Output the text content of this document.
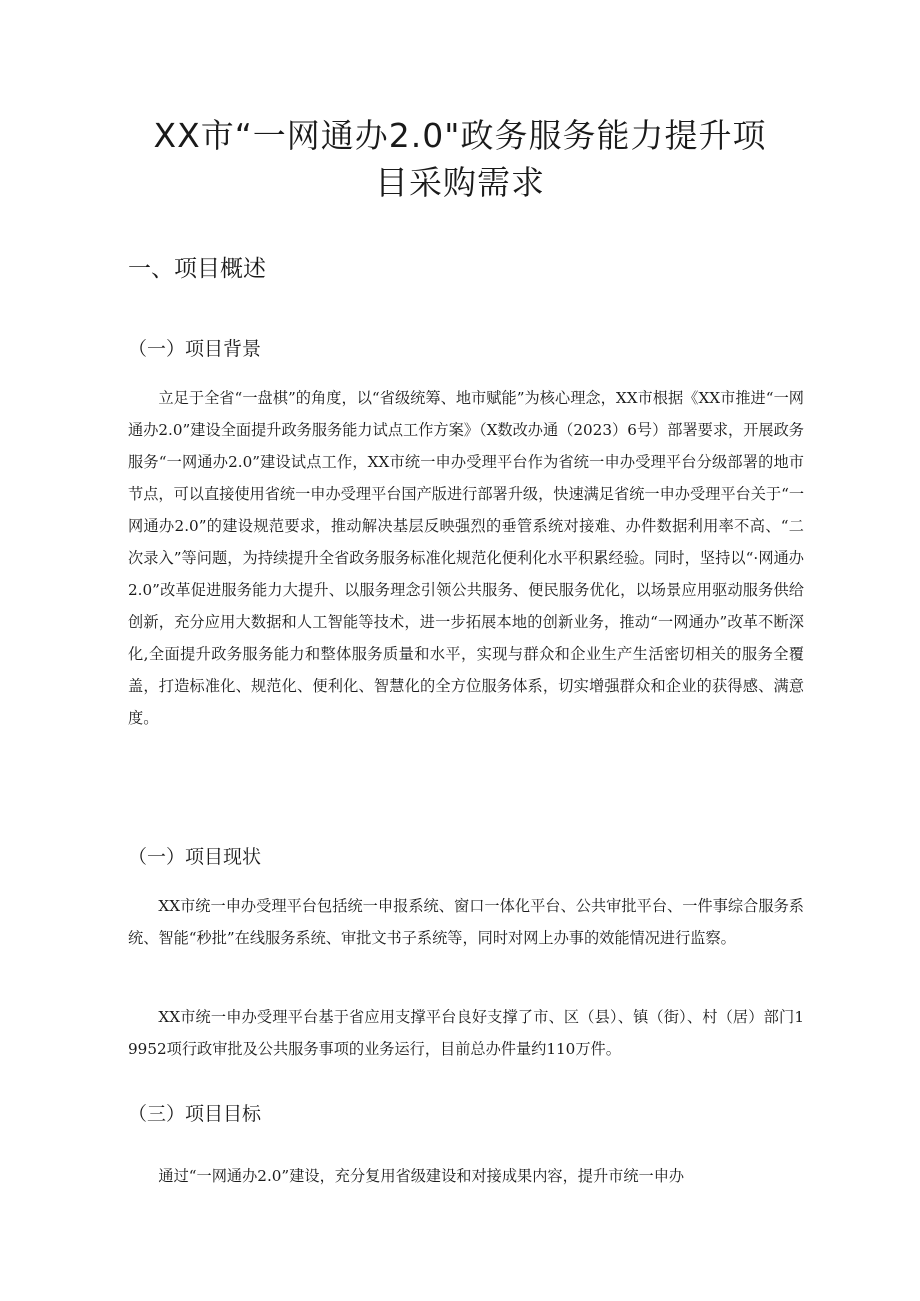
XX市“一网通办2.0"政务服务能力提升项
目采购需求
一、项目概述
（一）项目背景

立足于全省“一盘棋”的角度，以“省级统筹、地市赋能”为核心理念，XX市根据《XX市推进“一网通办2.0”建设全面提升政务服务能力试点工作方案》（X数改办通（2023）6号）部署要求，开展政务服务“一网通办2.0”建设试点工作，XX市统一申办受理平台作为省统一申办受理平台分级部署的地市节点，可以直接使用省统一申办受理平台国产版进行部署升级，快速满足省统一申办受理平台关于“一网通办2.0”的建设规范要求，推动解决基层反映强烈的垂管系统对接难、办件数据利用率不高、“二次录入”等问题，为持续提升全省政务服务标准化规范化便利化水平积累经验。同时，坚持以“·网通办2.0”改革促进服务能力大提升、以服务理念引领公共服务、便民服务优化，以场景应用驱动服务供给创新，充分应用大数据和人工智能等技术，进一步拓展本地的创新业务，推动“一网通办”改革不断深化,全面提升政务服务能力和整体服务质量和水平，实现与群众和企业生产生活密切相关的服务全覆盖，打造标准化、规范化、便利化、智慧化的全方位服务体系，切实增强群众和企业的获得感、满意度。

（一）项目现状

XX市统一申办受理平台包括统一申报系统、窗口一体化平台、公共审批平台、一件事综合服务系统、智能“秒批”在线服务系统、审批文书子系统等，同时对网上办事的效能情况进行监察。

XX市统一申办受理平台基于省应用支撑平台良好支撑了市、区（县）、镇（街）、村（居）部门19952项行政审批及公共服务事项的业务运行，目前总办件量约110万件。

（三）项目目标

通过“一网通办2.0”建设，充分复用省级建设和对接成果内容，提升市统一申办
